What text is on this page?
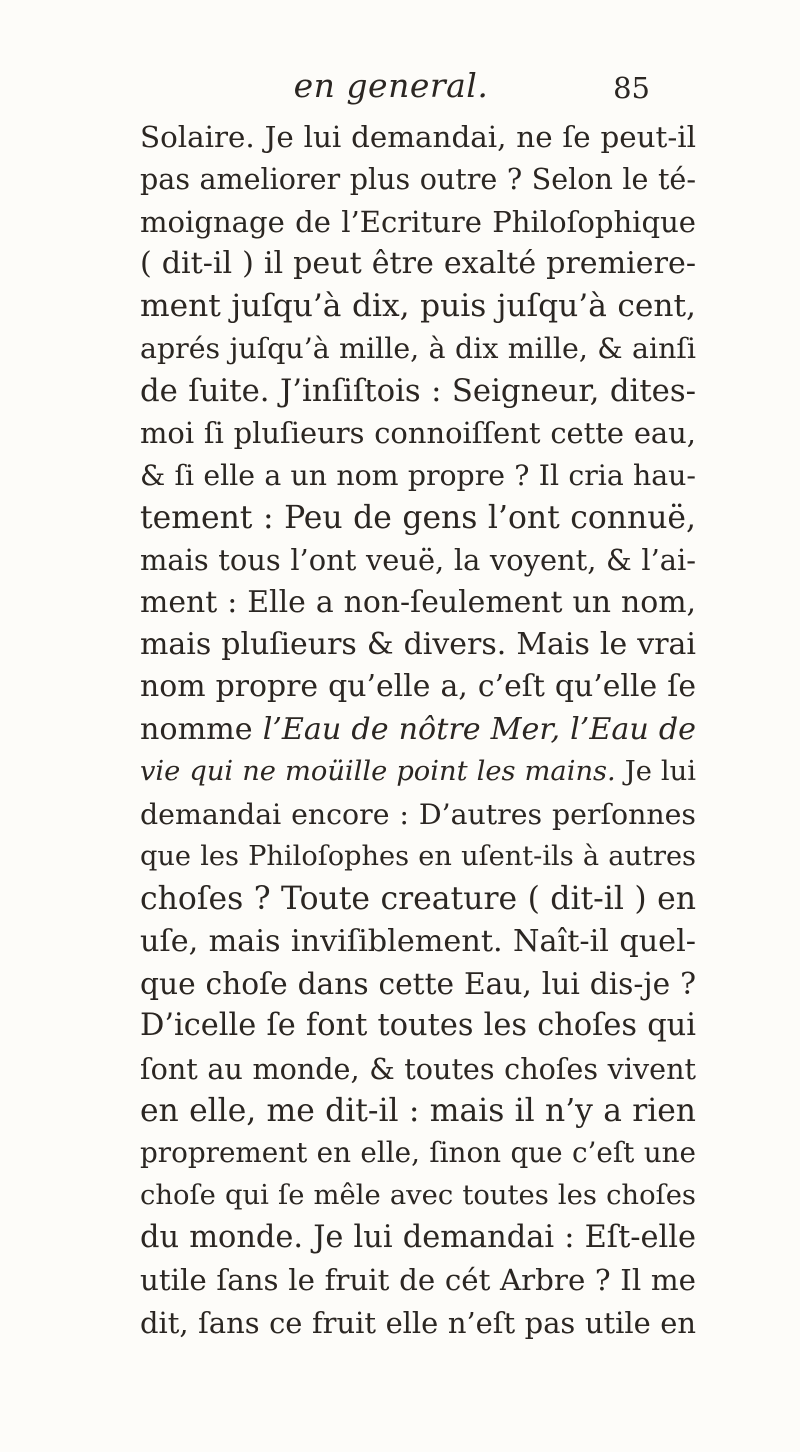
en general.	85
Solaire. Je lui demandai, ne ſe peut-il
pas ameliorer plus outre ? Selon le té-
moignage de l’Ecriture Philoſophique
( dit-il ) il peut être exalté premiere-
ment juſqu’à dix, puis juſqu’à cent,
aprés juſqu’à mille, à dix mille, & ainſi
de ſuite. J’inſiſtois : Seigneur, dites-
moi ſi pluſieurs connoiſſent cette eau,
& ſi elle a un nom propre ? Il cria hau-
tement : Peu de gens l’ont connuë,
mais tous l’ont veuë, la voyent, & l’ai-
ment : Elle a non-ſeulement un nom,
mais pluſieurs & divers. Mais le vrai
nom propre qu’elle a, c’eſt qu’elle ſe
nomme l’Eau de nôtre Mer, l’Eau de
vie qui ne moüille point les mains. Je lui
demandai encore : D’autres perſonnes
que les Philoſophes en uſent-ils à autres
choſes ? Toute creature ( dit-il ) en
uſe, mais inviſiblement. Naît-il quel-
que choſe dans cette Eau, lui dis-je ?
D’icelle ſe font toutes les choſes qui
ſont au monde, & toutes choſes vivent
en elle, me dit-il : mais il n’y a rien
proprement en elle, ſinon que c’eſt une
choſe qui ſe mêle avec toutes les choſes
du monde. Je lui demandai : Eſt-elle
utile ſans le fruit de cét Arbre ? Il me
dit, ſans ce fruit elle n’eſt pas utile en
